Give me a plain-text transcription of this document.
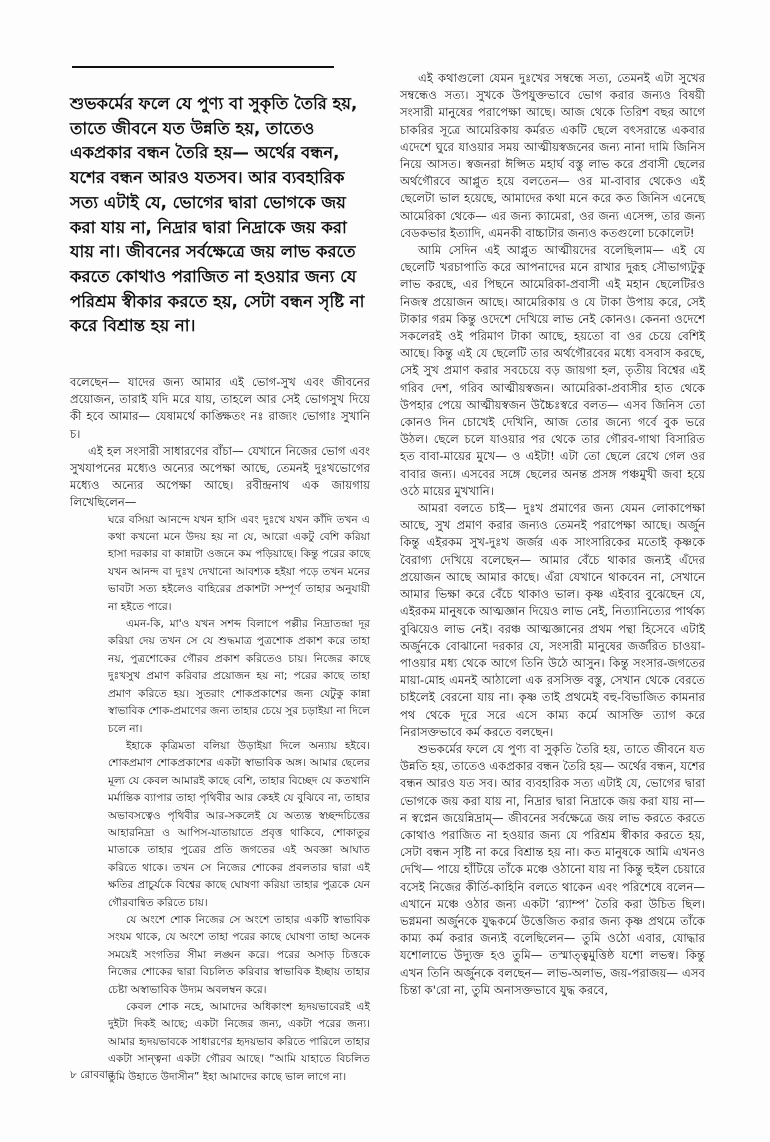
শুভকর্মের ফলে যে পুণ্য বা সুকৃতি তৈরি হয়, তাতে জীবনে যত উন্নতি হয়, তাতেও একপ্রকার বন্ধন তৈরি হয়— অর্থের বন্ধন, যশের বন্ধন আরও যতসব। আর ব্যবহারিক সত্য এটাই যে, ভোগের দ্বারা ভোগকে জয় করা যায় না, নিদ্রার দ্বারা নিদ্রাকে জয় করা যায় না। জীবনের সর্বক্ষেত্রে জয় লাভ করতে করতে কোথাও পরাজিত না হওয়ার জন্য যে পরিশ্রম স্বীকার করতে হয়, সেটা বন্ধন সৃষ্টি না করে বিশ্রান্ত হয় না।

বলেছেন— যাদের জন্য আমার এই ভোগ-সুখ এবং জীবনের প্রয়োজন, তারাই যদি মরে যায়, তাহলে আর সেই ভোগসুখ দিয়ে কী হবে আমার— যেষামর্থে কাঙ্ক্ষিতং নঃ রাজ্যং ভোগাঃ সুখানি চ।

এই হল সংসারী সাধারণের বাঁচা— যেখানে নিজের ভোগ এবং সুখযাপনের মধ্যেও অন্যের অপেক্ষা আছে, তেমনই দুঃখভোগের মধ্যেও অন্যের অপেক্ষা আছে। রবীন্দ্রনাথ এক জায়গায় লিখেছিলেন—

ঘরে বসিয়া আনন্দে যখন হাসি এবং দুঃখে যখন কাঁদি তখন এ কথা কখনো মনে উদয় হয় না যে, আরো একটু বেশি করিয়া হাসা দরকার বা কান্নাটা ওজনে কম পড়িয়াছে। কিন্তু পরের কাছে যখন আনন্দ বা দুঃখ দেখানো আবশ্যক হইয়া পড়ে তখন মনের ভাবটা সত্য হইলেও বাহিরের প্রকাশটা সম্পূর্ণ তাহার অনুযায়ী না হইতে পারে।

এমন-কি, মা'ও যখন সশব্দ বিলাপে পল্লীর নিদ্রাতন্দ্রা দূর করিয়া দেয় তখন সে যে শুদ্ধমাত্র পুত্রশোক প্রকাশ করে তাহা নয়, পুত্রশোকের গৌরব প্রকাশ করিতেও চায়। নিজের কাছে দুঃখসুখ প্রমাণ করিবার প্রয়োজন হয় না; পরের কাছে তাহা প্রমাণ করিতে হয়। সুতরাং শোকপ্রকাশের জন্য যেটুকু কান্না স্বাভাবিক শোক-প্রমাণের জন্য তাহার চেয়ে সুর চড়াইয়া না দিলে চলে না।

ইহাকে কৃত্রিমতা বলিয়া উড়াইয়া দিলে অন্যায় হইবে। শোকপ্রমাণ শোকপ্রকাশের একটা স্বাভাবিক অঙ্গ। আমার ছেলের মূল্য যে কেবল আমারই কাছে বেশি, তাহার বিচ্ছেদ যে কতখানি মর্মান্তিক ব্যাপার তাহা পৃথিবীর আর কেহই যে বুঝিবে না, তাহার অভাবসত্বেও পৃথিবীর আর-সকলেই যে অত্যন্ত স্বচ্ছন্দচিত্তের আহারনিদ্রা ও আপিস-যাতায়াতে প্রবৃত্ত থাকিবে, শোকাতুর মাতাকে তাহার পুত্রের প্রতি জগতের এই অবজ্ঞা আঘাত করিতে থাকে। তখন সে নিজের শোকের প্রবলতার দ্বারা এই ক্ষতির প্রাচুর্যকে বিশ্বের কাছে ঘোষণা করিয়া তাহার পুত্রকে যেন গৌরবান্বিত করিতে চায়।

যে অংশে শোক নিজের সে অংশে তাহার একটি স্বাভাবিক সংযম থাকে, যে অংশে তাহা পরের কাছে ঘোষণা তাহা অনেক সময়েই সংগতির সীমা লঙ্ঘন করে। পরের অসাড় চিত্তকে নিজের শোকের দ্বারা বিচলিত করিবার স্বাভাবিক ইচ্ছায় তাহার চেষ্টা অস্বাভাবিক উদ্যম অবলম্বন করে।

কেবল শোক নহে, আমাদের অধিকাংশ হৃদয়ভাবেরই এই দুইটা দিকই আছে; একটা নিজের জন্য, একটা পরের জন্য। আমার হৃদয়ভাবকে সাধারণের হৃদয়ভাব করিতে পারিলে তাহার একটা সান্ত্বনা একটা গৌরব আছে। “আমি যাহাতে বিচলিত তুমি উহাতে উদাসীন” ইহা আমাদের কাছে ভাল লাগে না।

এই কথাগুলো যেমন দুঃখের সম্বন্ধে সত্য, তেমনই এটা সুখের সম্বন্ধেও সত্য। সুখকে উপযুক্তভাবে ভোগ করার জন্যও বিষয়ী সংসারী মানুষের পরাপেক্ষা আছে। আজ থেকে তিরিশ বছর আগে চাকরির সূত্রে আমেরিকায় কর্মরত একটি ছেলে বৎসরান্তে একবার এদেশে ঘুরে যাওয়ার সময় আত্মীয়স্বজনের জন্য নানা দামি জিনিস নিয়ে আসত। স্বজনরা ঈপ্সিত মহার্ঘ বস্তু লাভ করে প্রবাসী ছেলের অর্থগৌরবে আপ্লুত হয়ে বলতেন— ওর মা-বাবার থেকেও এই ছেলেটা ভাল হয়েছে, আমাদের কথা মনে করে কত জিনিস এনেছে আমেরিকা থেকে— এর জন্য ক্যামেরা, ওর জন্য এসেন্স, তার জন্য বেডকভার ইত্যাদি, এমনকী বাচ্চাটার জন্যও কতগুলো চকোলেট!

আমি সেদিন এই আপ্লুত আত্মীয়দের বলেছিলাম— এই যে ছেলেটি খরচাপাতি করে আপনাদের মনে রাখার দুরূহ সৌভাগ্যটুকু লাভ করছে, এর পিছনে আমেরিকা-প্রবাসী এই মহান ছেলেটিরও নিজস্ব প্রয়োজন আছে। আমেরিকায় ও যে টাকা উপায় করে, সেই টাকার গরম কিন্তু ওদেশে দেখিয়ে লাভ নেই কোনও। কেননা ওদেশে সকলেরই ওই পরিমাণ টাকা আছে, হয়তো বা ওর চেয়ে বেশিই আছে। কিন্তু এই যে ছেলেটি তার অর্থগৌরবের মধ্যে বসবাস করছে, সেই সুখ প্রমাণ করার সবচেয়ে বড় জায়গা হল, তৃতীয় বিশ্বের এই গরিব দেশ, গরিব আত্মীয়স্বজন। আমেরিকা-প্রবাসীর হাত থেকে উপহার পেয়ে আত্মীয়স্বজন উচ্চৈঃস্বরে বলত— এসব জিনিস তো কোনও দিন চোখেই দেখিনি, আজ তোর জন্যে গর্বে বুক ভরে উঠল। ছেলে চলে যাওয়ার পর থেকে তার গৌরব-গাথা বিসারিত হত বাবা-মায়ের মুখে— ও এইটা! এটা তো ছেলে রেখে গেল ওর বাবার জন্য। এসবের সঙ্গে ছেলের অনন্ত প্রসঙ্গ পঞ্চমুখী জবা হয়ে ওঠে মায়ের মুখখানি।

আমরা বলতে চাই— দুঃখ প্রমাণের জন্য যেমন লোকাপেক্ষা আছে, সুখ প্রমাণ করার জন্যও তেমনই পরাপেক্ষা আছে। অর্জুন কিন্তু এইরকম সুখ-দুঃখ জর্জর এক সাংসারিকের মতোই কৃষ্ণকে বৈরাগ্য দেখিয়ে বলেছেন— আমার বেঁচে থাকার জন্যই এঁদের প্রয়োজন আছে আমার কাছে। এঁরা যেখানে থাকবেন না, সেখানে আমার ভিক্ষা করে বেঁচে থাকাও ভাল। কৃষ্ণ এইবার বুঝেছেন যে, এইরকম মানুষকে আত্মজ্ঞান দিয়েও লাভ নেই, নিত্যানিত্যের পার্থক্য বুঝিয়েও লাভ নেই। বরঞ্চ আত্মজ্ঞানের প্রথম পন্থা হিসেবে এটাই অর্জুনকে বোঝানো দরকার যে, সংসারী মানুষের জর্জরিত চাওয়া-পাওয়ার মধ্য থেকে আগে তিনি উঠে আসুন। কিন্তু সংসার-জগতের মায়া-মোহ এমনই আঠালো এক রসসিক্ত বস্তু, সেখান থেকে বেরতে চাইলেই বেরনো যায় না। কৃষ্ণ তাই প্রথমেই বহু-বিভাজিত কামনার পথ থেকে দূরে সরে এসে কাম্য কর্মে আসক্তি ত্যাগ করে নিরাসক্তভাবে কর্ম করতে বলছেন।

শুভকর্মের ফলে যে পুণ্য বা সুকৃতি তৈরি হয়, তাতে জীবনে যত উন্নতি হয়, তাতেও একপ্রকার বন্ধন তৈরি হয়— অর্থের বন্ধন, যশের বন্ধন আরও যত সব। আর ব্যবহারিক সত্য এটাই যে, ভোগের দ্বারা ভোগকে জয় করা যায় না, নিদ্রার দ্বারা নিদ্রাকে জয় করা যায় না— ন স্বপ্নেন জয়েন্নিদ্রাম্— জীবনের সর্বক্ষেত্রে জয় লাভ করতে করতে কোথাও পরাজিত না হওয়ার জন্য যে পরিশ্রম স্বীকার করতে হয়, সেটা বন্ধন সৃষ্টি না করে বিশ্রান্ত হয় না। কত মানুষকে আমি এখনও দেখি— পায়ে হাঁটিয়ে তাঁকে মঞ্চে ওঠানো যায় না কিন্তু হুইল চেয়ারে বসেই নিজের কীর্তি-কাহিনি বলতে থাকেন এবং পরিশেষে বলেন— এখানে মঞ্চে ওঠার জন্য একটা ‘র‍্যাম্প’ তৈরি করা উচিত ছিল। ভগ্নমনা অর্জুনকে যুদ্ধকর্মে উত্তেজিত করার জন্য কৃষ্ণ প্রথমে তাঁকে কাম্য কর্ম করার জন্যই বলেছিলেন— তুমি ওঠো এবার, যোদ্ধার যশোলাভে উদ্যুক্ত হও তুমি— তস্মাত্ত্বমুত্তিষ্ঠ যশো লভস্ব। কিন্তু এখন তিনি অর্জুনকে বলছেন— লাভ-অলাভ, জয়-পরাজয়— এসব চিন্তা ক'রো না, তুমি অনাসক্তভাবে যুদ্ধ করবে,

৮ রোববার
